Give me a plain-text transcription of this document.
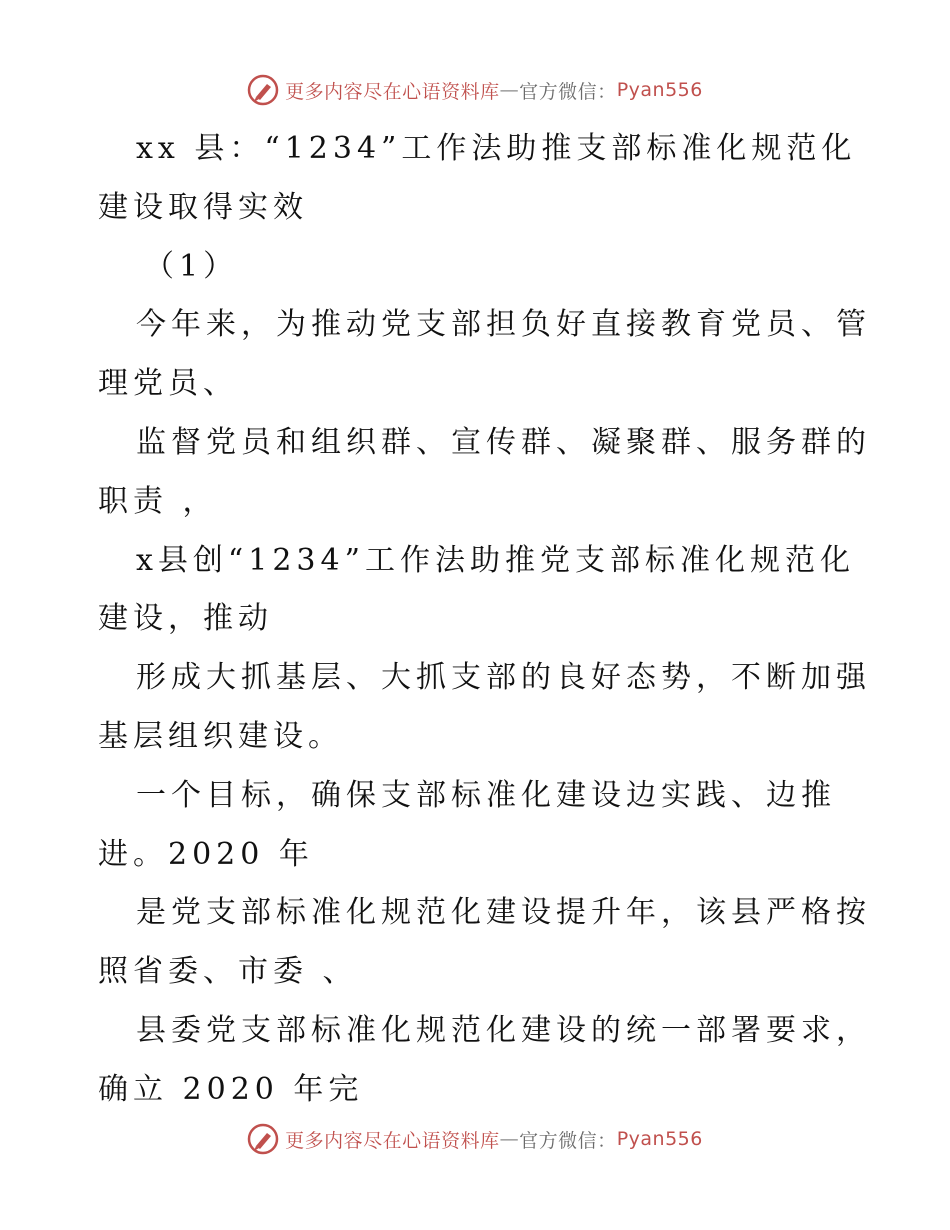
更多内容尽在心语资料库 — 官方微信： Pyan556
xx 县：“1234”工作法助推支部标准化规范化
建设取得实效
（1）
今年来，为推动党支部担负好直接教育党员、管
理党员、
监督党员和组织群、宣传群、凝聚群、服务群的
职责 ，
x县创“1234”工作法助推党支部标准化规范化
建设，推动
形成大抓基层、大抓支部的良好态势，不断加强
基层组织建设。
一个目标，确保支部标准化建设边实践、边推
进。2020 年
是党支部标准化规范化建设提升年，该县严格按
照省委、市委 、
县委党支部标准化规范化建设的统一部署要求，
确立 2020 年完
更多内容尽在心语资料库 — 官方微信： Pyan556
